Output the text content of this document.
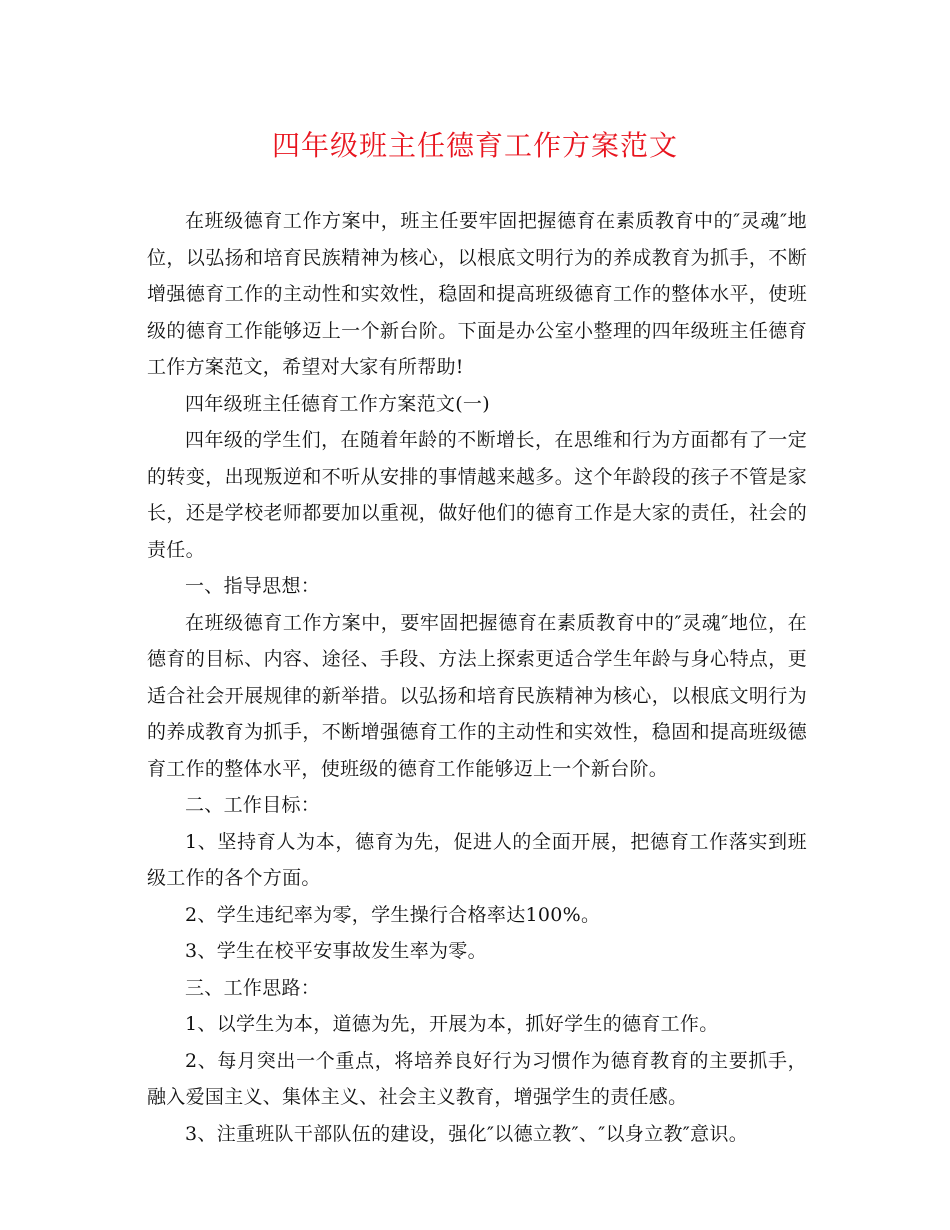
四年级班主任德育工作方案范文

在班级德育工作方案中，班主任要牢固把握德育在素质教育中的″灵魂″地位，以弘扬和培育民族精神为核心，以根底文明行为的养成教育为抓手，不断增强德育工作的主动性和实效性，稳固和提高班级德育工作的整体水平，使班级的德育工作能够迈上一个新台阶。下面是办公室小整理的四年级班主任德育工作方案范文，希望对大家有所帮助!

四年级班主任德育工作方案范文(一)

四年级的学生们，在随着年龄的不断增长，在思维和行为方面都有了一定的转变，出现叛逆和不听从安排的事情越来越多。这个年龄段的孩子不管是家长，还是学校老师都要加以重视，做好他们的德育工作是大家的责任，社会的责任。

一、指导思想：

在班级德育工作方案中，要牢固把握德育在素质教育中的″灵魂″地位，在德育的目标、内容、途径、手段、方法上探索更适合学生年龄与身心特点，更适合社会开展规律的新举措。以弘扬和培育民族精神为核心，以根底文明行为的养成教育为抓手，不断增强德育工作的主动性和实效性，稳固和提高班级德育工作的整体水平，使班级的德育工作能够迈上一个新台阶。

二、工作目标：

1、坚持育人为本，德育为先，促进人的全面开展，把德育工作落实到班级工作的各个方面。

2、学生违纪率为零，学生操行合格率达100%。

3、学生在校平安事故发生率为零。

三、工作思路：

1、以学生为本，道德为先，开展为本，抓好学生的德育工作。

2、每月突出一个重点，将培养良好行为习惯作为德育教育的主要抓手，融入爱国主义、集体主义、社会主义教育，增强学生的责任感。

3、注重班队干部队伍的建设，强化″以德立教″、″以身立教″意识。
